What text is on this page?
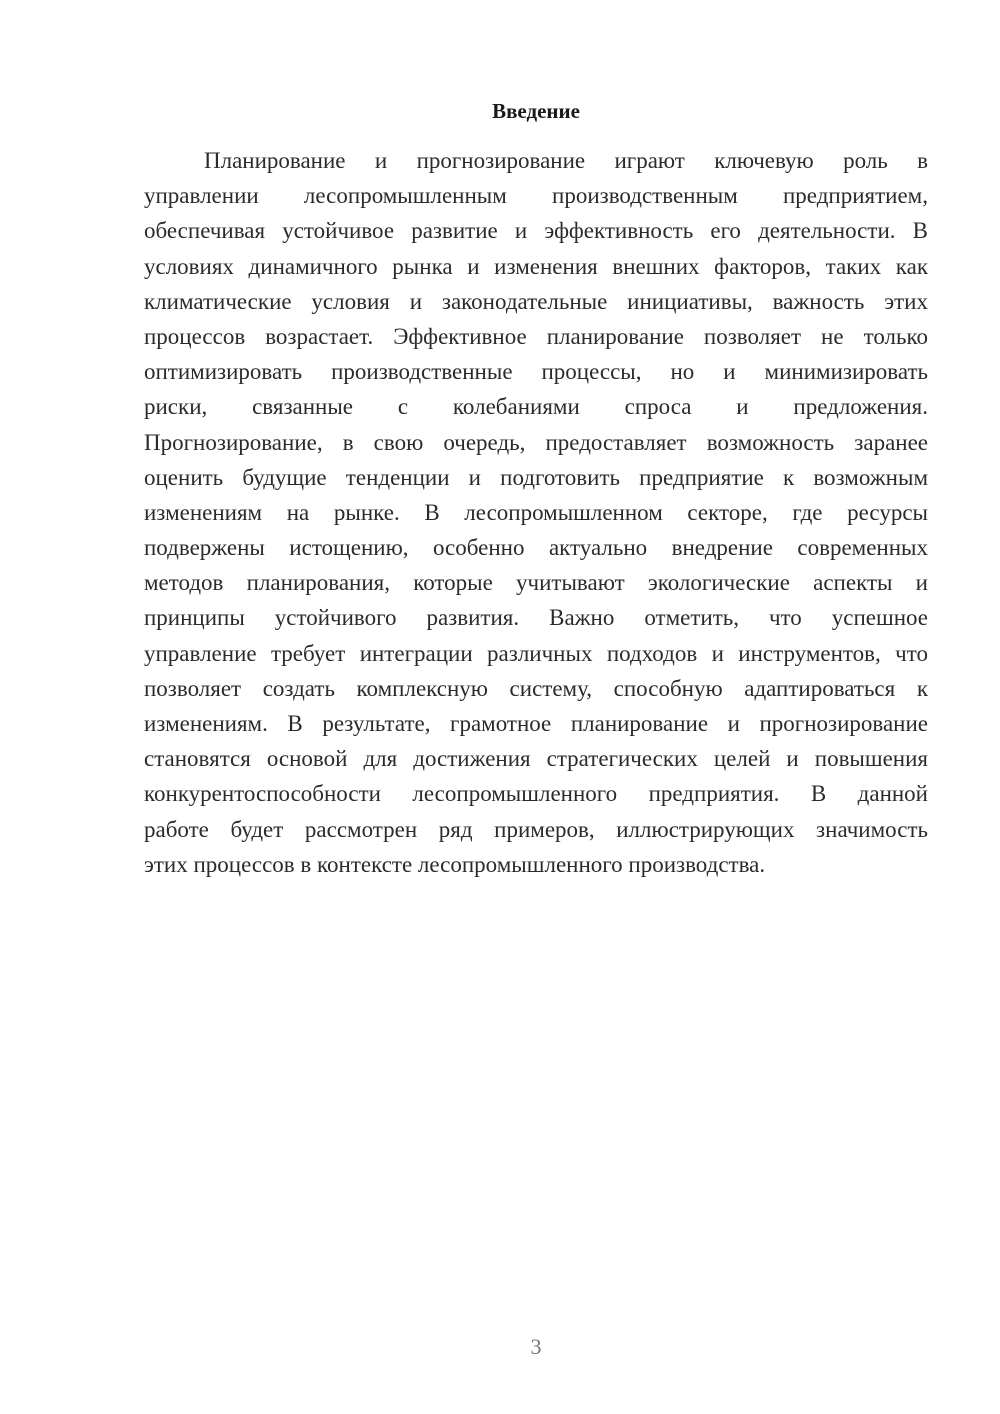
Введение
Планирование и прогнозирование играют ключевую роль в
управлении лесопромышленным производственным предприятием,
обеспечивая устойчивое развитие и эффективность его деятельности. В
условиях динамичного рынка и изменения внешних факторов, таких как
климатические условия и законодательные инициативы, важность этих
процессов возрастает. Эффективное планирование позволяет не только
оптимизировать производственные процессы, но и минимизировать
риски, связанные с колебаниями спроса и предложения.
Прогнозирование, в свою очередь, предоставляет возможность заранее
оценить будущие тенденции и подготовить предприятие к возможным
изменениям на рынке. В лесопромышленном секторе, где ресурсы
подвержены истощению, особенно актуально внедрение современных
методов планирования, которые учитывают экологические аспекты и
принципы устойчивого развития. Важно отметить, что успешное
управление требует интеграции различных подходов и инструментов, что
позволяет создать комплексную систему, способную адаптироваться к
изменениям. В результате, грамотное планирование и прогнозирование
становятся основой для достижения стратегических целей и повышения
конкурентоспособности лесопромышленного предприятия. В данной
работе будет рассмотрен ряд примеров, иллюстрирующих значимость
этих процессов в контексте лесопромышленного производства.
3
